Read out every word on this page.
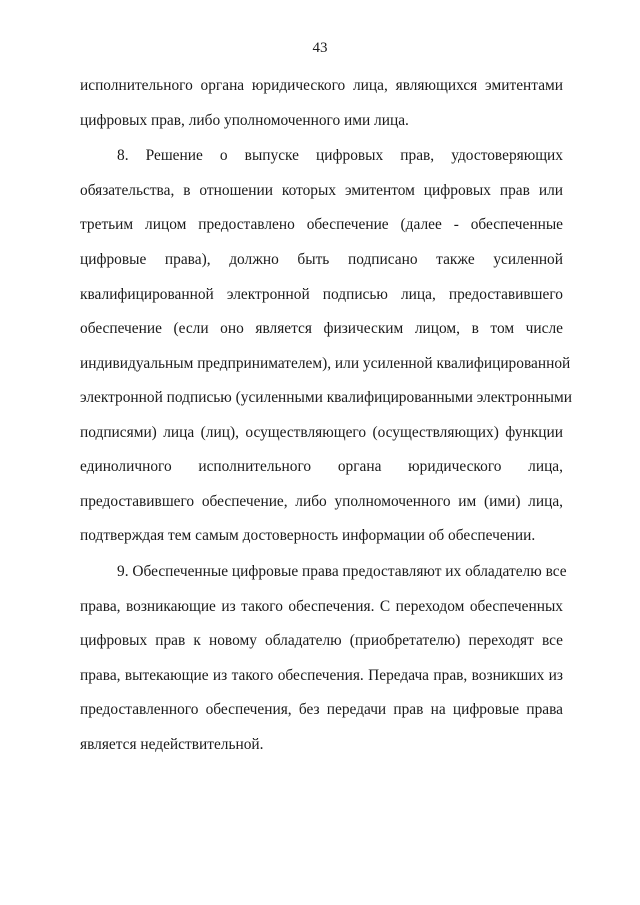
43
исполнительного органа юридического лица, являющихся эмитентами
цифровых прав, либо уполномоченного ими лица.
8. Решение о выпуске цифровых прав, удостоверяющих
обязательства, в отношении которых эмитентом цифровых прав или
третьим лицом предоставлено обеспечение (далее - обеспеченные
цифровые права), должно быть подписано также усиленной
квалифицированной электронной подписью лица, предоставившего
обеспечение (если оно является физическим лицом, в том числе
индивидуальным предпринимателем), или усиленной квалифицированной
электронной подписью (усиленными квалифицированными электронными
подписями) лица (лиц), осуществляющего (осуществляющих) функции
единоличного исполнительного органа юридического лица,
предоставившего обеспечение, либо уполномоченного им (ими) лица,
подтверждая тем самым достоверность информации об обеспечении.
9. Обеспеченные цифровые права предоставляют их обладателю все
права, возникающие из такого обеспечения. С переходом обеспеченных
цифровых прав к новому обладателю (приобретателю) переходят все
права, вытекающие из такого обеспечения. Передача прав, возникших из
предоставленного обеспечения, без передачи прав на цифровые права
является недействительной.
